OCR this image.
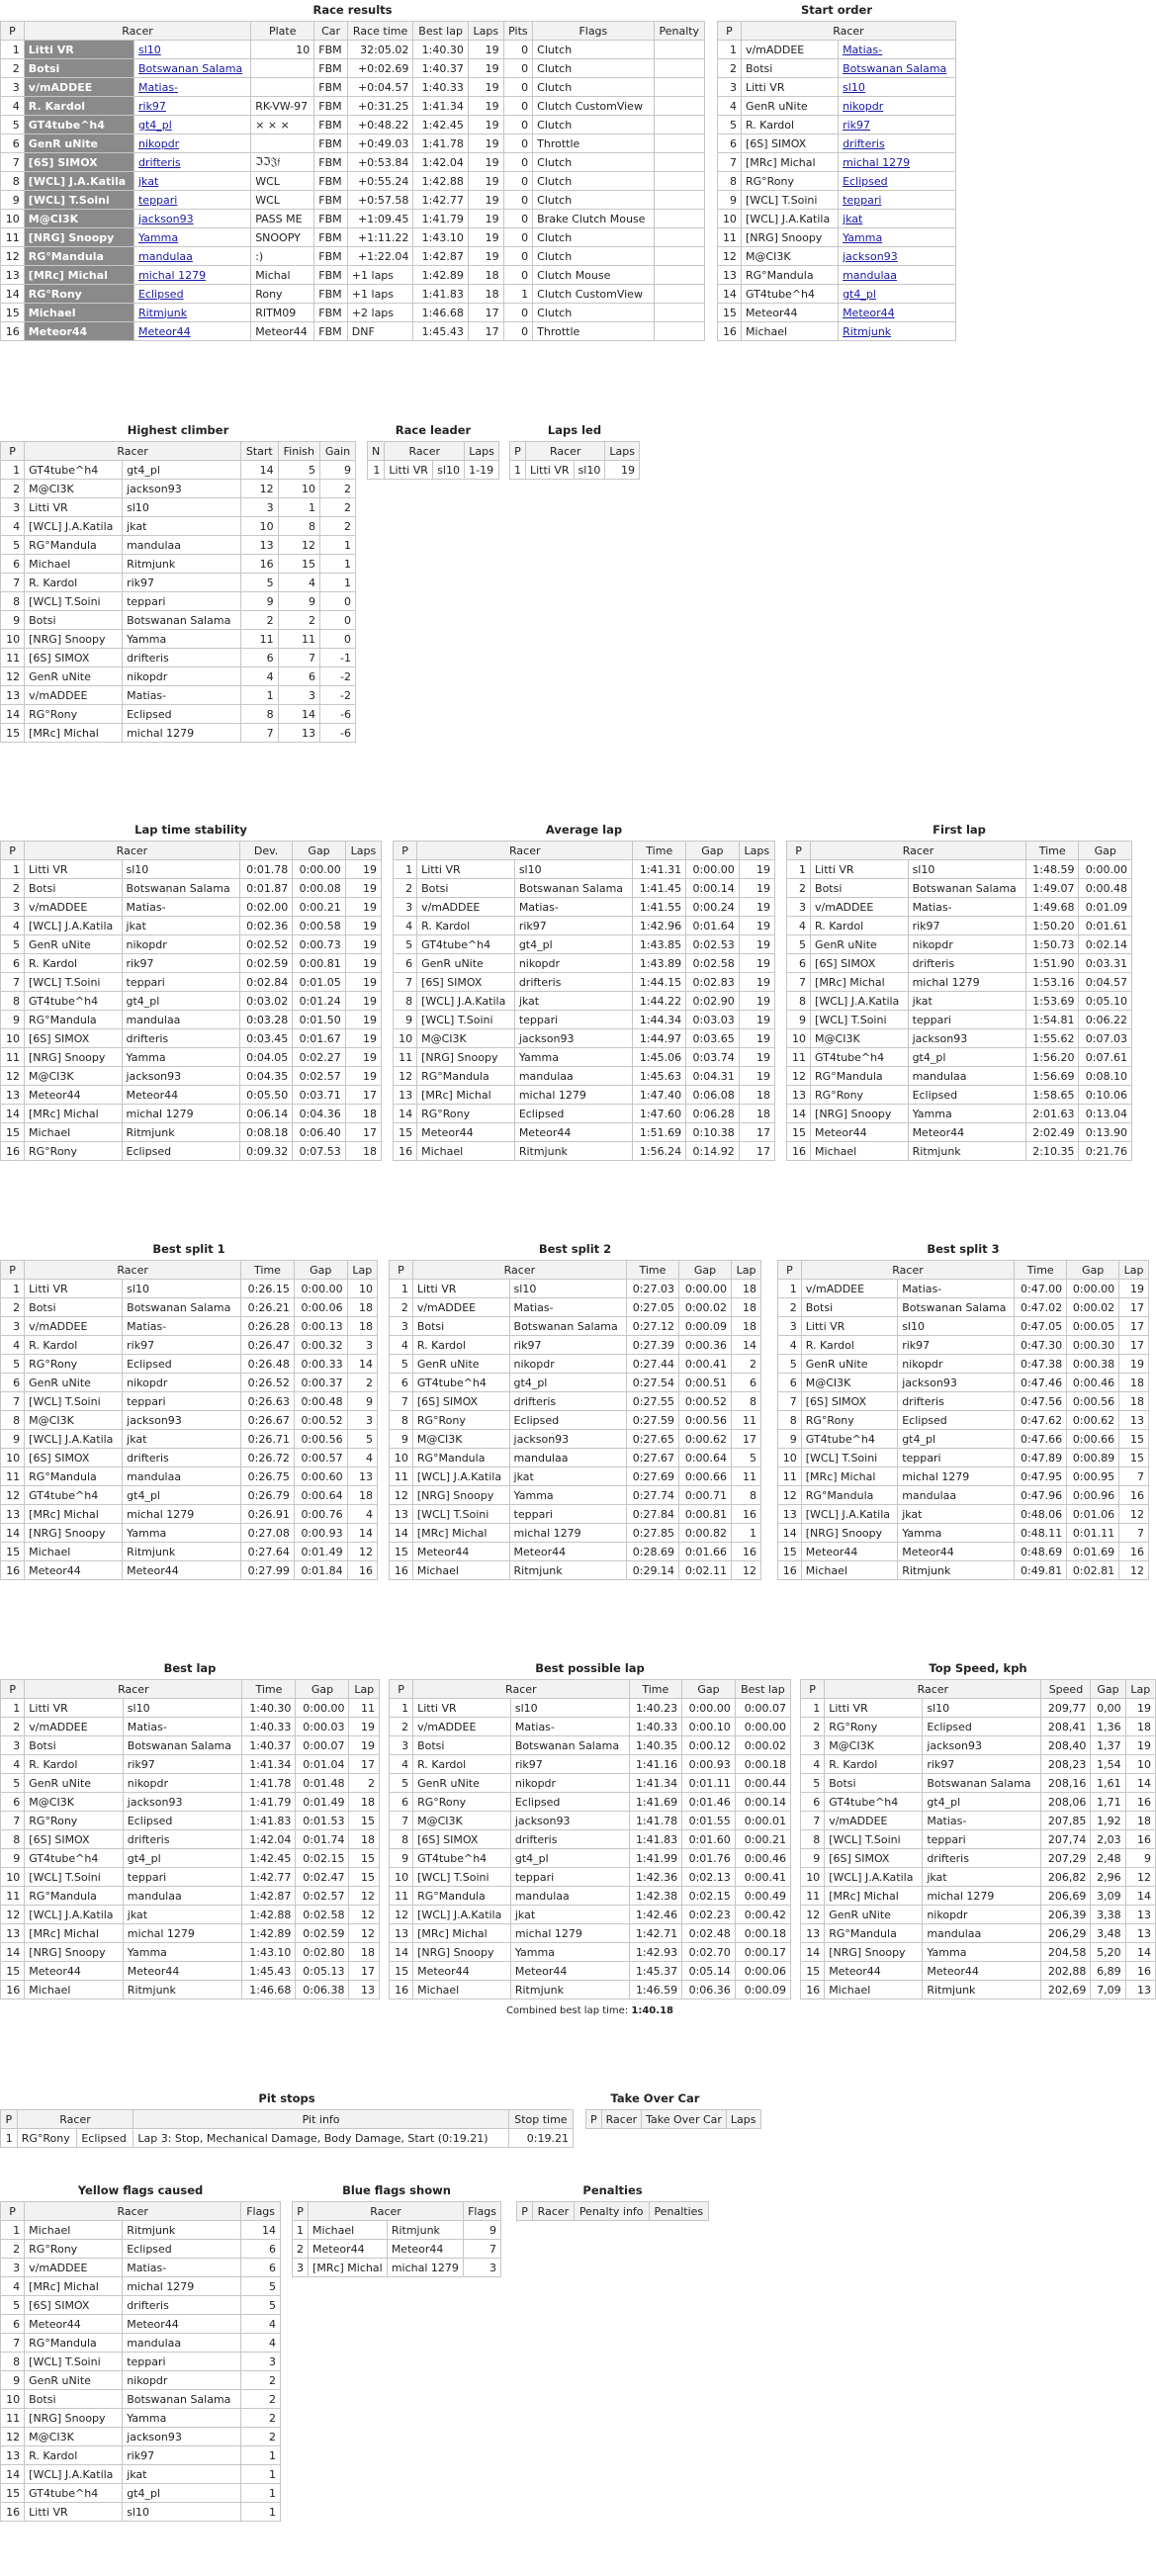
Race results
P	Racer		Plate	Car	Race time	Best lap	Laps	Pits	Flags	Penalty
1	Litti VR	sl10	10	FBM	32:05.02	1:40.30	19	0	Clutch	
2	Botsi	Botswanan Salama		FBM	+0:02.69	1:40.37	19	0	Clutch	
3	v/mADDEE	Matias-		FBM	+0:04.57	1:40.33	19	0	Clutch	
4	R. Kardol	rik97	RK-VW-97	FBM	+0:31.25	1:41.34	19	0	Clutch CustomView	
5	GT4tube^h4	gt4_pl	× × ×	FBM	+0:48.22	1:42.45	19	0	Clutch	
6	GenR uNite	nikopdr		FBM	+0:49.03	1:41.78	19	0	Throttle	
7	[6S] SIMOX	drifteris	ℑℑ𝔍𝔣	FBM	+0:53.84	1:42.04	19	0	Clutch	
8	[WCL] J.A.Katila	jkat	WCL	FBM	+0:55.24	1:42.88	19	0	Clutch	
9	[WCL] T.Soini	teppari	WCL	FBM	+0:57.58	1:42.77	19	0	Clutch	
10	M@CI3K	jackson93	PASS ME	FBM	+1:09.45	1:41.79	19	0	Brake Clutch Mouse	
11	[NRG] Snoopy	Yamma	SNOOPY	FBM	+1:11.22	1:43.10	19	0	Clutch	
12	RG°Mandula	mandulaa	:)	FBM	+1:22.04	1:42.87	19	0	Clutch	
13	[MRc] Michal	michal 1279	Michal	FBM	+1 laps	1:42.89	18	0	Clutch Mouse	
14	RG°Rony	Eclipsed	Rony	FBM	+1 laps	1:41.83	18	1	Clutch CustomView	
15	Michael	Ritmjunk	RITM09	FBM	+2 laps	1:46.68	17	0	Clutch	
16	Meteor44	Meteor44	Meteor44	FBM	DNF	1:45.43	17	0	Throttle	
Start order
P	Racer	
1	v/mADDEE	Matias-
2	Botsi	Botswanan Salama
3	Litti VR	sl10
4	GenR uNite	nikopdr
5	R. Kardol	rik97
6	[6S] SIMOX	drifteris
7	[MRc] Michal	michal 1279
8	RG°Rony	Eclipsed
9	[WCL] T.Soini	teppari
10	[WCL] J.A.Katila	jkat
11	[NRG] Snoopy	Yamma
12	M@CI3K	jackson93
13	RG°Mandula	mandulaa
14	GT4tube^h4	gt4_pl
15	Meteor44	Meteor44
16	Michael	Ritmjunk
Highest climber
P	Racer		Start	Finish	Gain
1	GT4tube^h4	gt4_pl	14	5	9
2	M@CI3K	jackson93	12	10	2
3	Litti VR	sl10	3	1	2
4	[WCL] J.A.Katila	jkat	10	8	2
5	RG°Mandula	mandulaa	13	12	1
6	Michael	Ritmjunk	16	15	1
7	R. Kardol	rik97	5	4	1
8	[WCL] T.Soini	teppari	9	9	0
9	Botsi	Botswanan Salama	2	2	0
10	[NRG] Snoopy	Yamma	11	11	0
11	[6S] SIMOX	drifteris	6	7	-1
12	GenR uNite	nikopdr	4	6	-2
13	v/mADDEE	Matias-	1	3	-2
14	RG°Rony	Eclipsed	8	14	-6
15	[MRc] Michal	michal 1279	7	13	-6
Race leader
N	Racer		Laps
1	Litti VR	sl10	1-19
Laps led
P	Racer		Laps
1	Litti VR	sl10	19
Lap time stability
P	Racer		Dev.	Gap	Laps
1	Litti VR	sl10	0:01.78	0:00.00	19
2	Botsi	Botswanan Salama	0:01.87	0:00.08	19
3	v/mADDEE	Matias-	0:02.00	0:00.21	19
4	[WCL] J.A.Katila	jkat	0:02.36	0:00.58	19
5	GenR uNite	nikopdr	0:02.52	0:00.73	19
6	R. Kardol	rik97	0:02.59	0:00.81	19
7	[WCL] T.Soini	teppari	0:02.84	0:01.05	19
8	GT4tube^h4	gt4_pl	0:03.02	0:01.24	19
9	RG°Mandula	mandulaa	0:03.28	0:01.50	19
10	[6S] SIMOX	drifteris	0:03.45	0:01.67	19
11	[NRG] Snoopy	Yamma	0:04.05	0:02.27	19
12	M@CI3K	jackson93	0:04.35	0:02.57	19
13	Meteor44	Meteor44	0:05.50	0:03.71	17
14	[MRc] Michal	michal 1279	0:06.14	0:04.36	18
15	Michael	Ritmjunk	0:08.18	0:06.40	17
16	RG°Rony	Eclipsed	0:09.32	0:07.53	18
Average lap
P	Racer		Time	Gap	Laps
1	Litti VR	sl10	1:41.31	0:00.00	19
2	Botsi	Botswanan Salama	1:41.45	0:00.14	19
3	v/mADDEE	Matias-	1:41.55	0:00.24	19
4	R. Kardol	rik97	1:42.96	0:01.64	19
5	GT4tube^h4	gt4_pl	1:43.85	0:02.53	19
6	GenR uNite	nikopdr	1:43.89	0:02.58	19
7	[6S] SIMOX	drifteris	1:44.15	0:02.83	19
8	[WCL] J.A.Katila	jkat	1:44.22	0:02.90	19
9	[WCL] T.Soini	teppari	1:44.34	0:03.03	19
10	M@CI3K	jackson93	1:44.97	0:03.65	19
11	[NRG] Snoopy	Yamma	1:45.06	0:03.74	19
12	RG°Mandula	mandulaa	1:45.63	0:04.31	19
13	[MRc] Michal	michal 1279	1:47.40	0:06.08	18
14	RG°Rony	Eclipsed	1:47.60	0:06.28	18
15	Meteor44	Meteor44	1:51.69	0:10.38	17
16	Michael	Ritmjunk	1:56.24	0:14.92	17
First lap
P	Racer		Time	Gap
1	Litti VR	sl10	1:48.59	0:00.00
2	Botsi	Botswanan Salama	1:49.07	0:00.48
3	v/mADDEE	Matias-	1:49.68	0:01.09
4	R. Kardol	rik97	1:50.20	0:01.61
5	GenR uNite	nikopdr	1:50.73	0:02.14
6	[6S] SIMOX	drifteris	1:51.90	0:03.31
7	[MRc] Michal	michal 1279	1:53.16	0:04.57
8	[WCL] J.A.Katila	jkat	1:53.69	0:05.10
9	[WCL] T.Soini	teppari	1:54.81	0:06.22
10	M@CI3K	jackson93	1:55.62	0:07.03
11	GT4tube^h4	gt4_pl	1:56.20	0:07.61
12	RG°Mandula	mandulaa	1:56.69	0:08.10
13	RG°Rony	Eclipsed	1:58.65	0:10.06
14	[NRG] Snoopy	Yamma	2:01.63	0:13.04
15	Meteor44	Meteor44	2:02.49	0:13.90
16	Michael	Ritmjunk	2:10.35	0:21.76
Best split 1
P	Racer		Time	Gap	Lap
1	Litti VR	sl10	0:26.15	0:00.00	10
2	Botsi	Botswanan Salama	0:26.21	0:00.06	18
3	v/mADDEE	Matias-	0:26.28	0:00.13	18
4	R. Kardol	rik97	0:26.47	0:00.32	3
5	RG°Rony	Eclipsed	0:26.48	0:00.33	14
6	GenR uNite	nikopdr	0:26.52	0:00.37	2
7	[WCL] T.Soini	teppari	0:26.63	0:00.48	9
8	M@CI3K	jackson93	0:26.67	0:00.52	3
9	[WCL] J.A.Katila	jkat	0:26.71	0:00.56	5
10	[6S] SIMOX	drifteris	0:26.72	0:00.57	4
11	RG°Mandula	mandulaa	0:26.75	0:00.60	13
12	GT4tube^h4	gt4_pl	0:26.79	0:00.64	18
13	[MRc] Michal	michal 1279	0:26.91	0:00.76	4
14	[NRG] Snoopy	Yamma	0:27.08	0:00.93	14
15	Michael	Ritmjunk	0:27.64	0:01.49	12
16	Meteor44	Meteor44	0:27.99	0:01.84	16
Best split 2
P	Racer		Time	Gap	Lap
1	Litti VR	sl10	0:27.03	0:00.00	18
2	v/mADDEE	Matias-	0:27.05	0:00.02	18
3	Botsi	Botswanan Salama	0:27.12	0:00.09	18
4	R. Kardol	rik97	0:27.39	0:00.36	14
5	GenR uNite	nikopdr	0:27.44	0:00.41	2
6	GT4tube^h4	gt4_pl	0:27.54	0:00.51	6
7	[6S] SIMOX	drifteris	0:27.55	0:00.52	8
8	RG°Rony	Eclipsed	0:27.59	0:00.56	11
9	M@CI3K	jackson93	0:27.65	0:00.62	17
10	RG°Mandula	mandulaa	0:27.67	0:00.64	5
11	[WCL] J.A.Katila	jkat	0:27.69	0:00.66	11
12	[NRG] Snoopy	Yamma	0:27.74	0:00.71	8
13	[WCL] T.Soini	teppari	0:27.84	0:00.81	16
14	[MRc] Michal	michal 1279	0:27.85	0:00.82	1
15	Meteor44	Meteor44	0:28.69	0:01.66	16
16	Michael	Ritmjunk	0:29.14	0:02.11	12
Best split 3
P	Racer		Time	Gap	Lap
1	v/mADDEE	Matias-	0:47.00	0:00.00	19
2	Botsi	Botswanan Salama	0:47.02	0:00.02	17
3	Litti VR	sl10	0:47.05	0:00.05	17
4	R. Kardol	rik97	0:47.30	0:00.30	17
5	GenR uNite	nikopdr	0:47.38	0:00.38	19
6	M@CI3K	jackson93	0:47.46	0:00.46	18
7	[6S] SIMOX	drifteris	0:47.56	0:00.56	18
8	RG°Rony	Eclipsed	0:47.62	0:00.62	13
9	GT4tube^h4	gt4_pl	0:47.66	0:00.66	15
10	[WCL] T.Soini	teppari	0:47.89	0:00.89	15
11	[MRc] Michal	michal 1279	0:47.95	0:00.95	7
12	RG°Mandula	mandulaa	0:47.96	0:00.96	16
13	[WCL] J.A.Katila	jkat	0:48.06	0:01.06	12
14	[NRG] Snoopy	Yamma	0:48.11	0:01.11	7
15	Meteor44	Meteor44	0:48.69	0:01.69	16
16	Michael	Ritmjunk	0:49.81	0:02.81	12
Best lap
P	Racer		Time	Gap	Lap
1	Litti VR	sl10	1:40.30	0:00.00	11
2	v/mADDEE	Matias-	1:40.33	0:00.03	19
3	Botsi	Botswanan Salama	1:40.37	0:00.07	19
4	R. Kardol	rik97	1:41.34	0:01.04	17
5	GenR uNite	nikopdr	1:41.78	0:01.48	2
6	M@CI3K	jackson93	1:41.79	0:01.49	18
7	RG°Rony	Eclipsed	1:41.83	0:01.53	15
8	[6S] SIMOX	drifteris	1:42.04	0:01.74	18
9	GT4tube^h4	gt4_pl	1:42.45	0:02.15	15
10	[WCL] T.Soini	teppari	1:42.77	0:02.47	15
11	RG°Mandula	mandulaa	1:42.87	0:02.57	12
12	[WCL] J.A.Katila	jkat	1:42.88	0:02.58	12
13	[MRc] Michal	michal 1279	1:42.89	0:02.59	12
14	[NRG] Snoopy	Yamma	1:43.10	0:02.80	18
15	Meteor44	Meteor44	1:45.43	0:05.13	17
16	Michael	Ritmjunk	1:46.68	0:06.38	13
Best possible lap
P	Racer		Time	Gap	Best lap
1	Litti VR	sl10	1:40.23	0:00.00	0:00.07
2	v/mADDEE	Matias-	1:40.33	0:00.10	0:00.00
3	Botsi	Botswanan Salama	1:40.35	0:00.12	0:00.02
4	R. Kardol	rik97	1:41.16	0:00.93	0:00.18
5	GenR uNite	nikopdr	1:41.34	0:01.11	0:00.44
6	RG°Rony	Eclipsed	1:41.69	0:01.46	0:00.14
7	M@CI3K	jackson93	1:41.78	0:01.55	0:00.01
8	[6S] SIMOX	drifteris	1:41.83	0:01.60	0:00.21
9	GT4tube^h4	gt4_pl	1:41.99	0:01.76	0:00.46
10	[WCL] T.Soini	teppari	1:42.36	0:02.13	0:00.41
11	RG°Mandula	mandulaa	1:42.38	0:02.15	0:00.49
12	[WCL] J.A.Katila	jkat	1:42.46	0:02.23	0:00.42
13	[MRc] Michal	michal 1279	1:42.71	0:02.48	0:00.18
14	[NRG] Snoopy	Yamma	1:42.93	0:02.70	0:00.17
15	Meteor44	Meteor44	1:45.37	0:05.14	0:00.06
16	Michael	Ritmjunk	1:46.59	0:06.36	0:00.09
Combined best lap time: 1:40.18
Top Speed, kph
P	Racer		Speed	Gap	Lap
1	Litti VR	sl10	209,77	0,00	19
2	RG°Rony	Eclipsed	208,41	1,36	18
3	M@CI3K	jackson93	208,40	1,37	19
4	R. Kardol	rik97	208,23	1,54	10
5	Botsi	Botswanan Salama	208,16	1,61	14
6	GT4tube^h4	gt4_pl	208,06	1,71	16
7	v/mADDEE	Matias-	207,85	1,92	18
8	[WCL] T.Soini	teppari	207,74	2,03	16
9	[6S] SIMOX	drifteris	207,29	2,48	9
10	[WCL] J.A.Katila	jkat	206,82	2,96	12
11	[MRc] Michal	michal 1279	206,69	3,09	14
12	GenR uNite	nikopdr	206,39	3,38	13
13	RG°Mandula	mandulaa	206,29	3,48	13
14	[NRG] Snoopy	Yamma	204,58	5,20	14
15	Meteor44	Meteor44	202,88	6,89	16
16	Michael	Ritmjunk	202,69	7,09	13
Pit stops
P	Racer		Pit info	Stop time
1	RG°Rony	Eclipsed	Lap 3: Stop, Mechanical Damage, Body Damage, Start (0:19.21)	0:19.21
Take Over Car
P	Racer	Take Over Car	Laps
Yellow flags caused
P	Racer		Flags
1	Michael	Ritmjunk	14
2	RG°Rony	Eclipsed	6
3	v/mADDEE	Matias-	6
4	[MRc] Michal	michal 1279	5
5	[6S] SIMOX	drifteris	5
6	Meteor44	Meteor44	4
7	RG°Mandula	mandulaa	4
8	[WCL] T.Soini	teppari	3
9	GenR uNite	nikopdr	2
10	Botsi	Botswanan Salama	2
11	[NRG] Snoopy	Yamma	2
12	M@CI3K	jackson93	2
13	R. Kardol	rik97	1
14	[WCL] J.A.Katila	jkat	1
15	GT4tube^h4	gt4_pl	1
16	Litti VR	sl10	1
Blue flags shown
P	Racer		Flags
1	Michael	Ritmjunk	9
2	Meteor44	Meteor44	7
3	[MRc] Michal	michal 1279	3
Penalties
P	Racer	Penalty info	Penalties
